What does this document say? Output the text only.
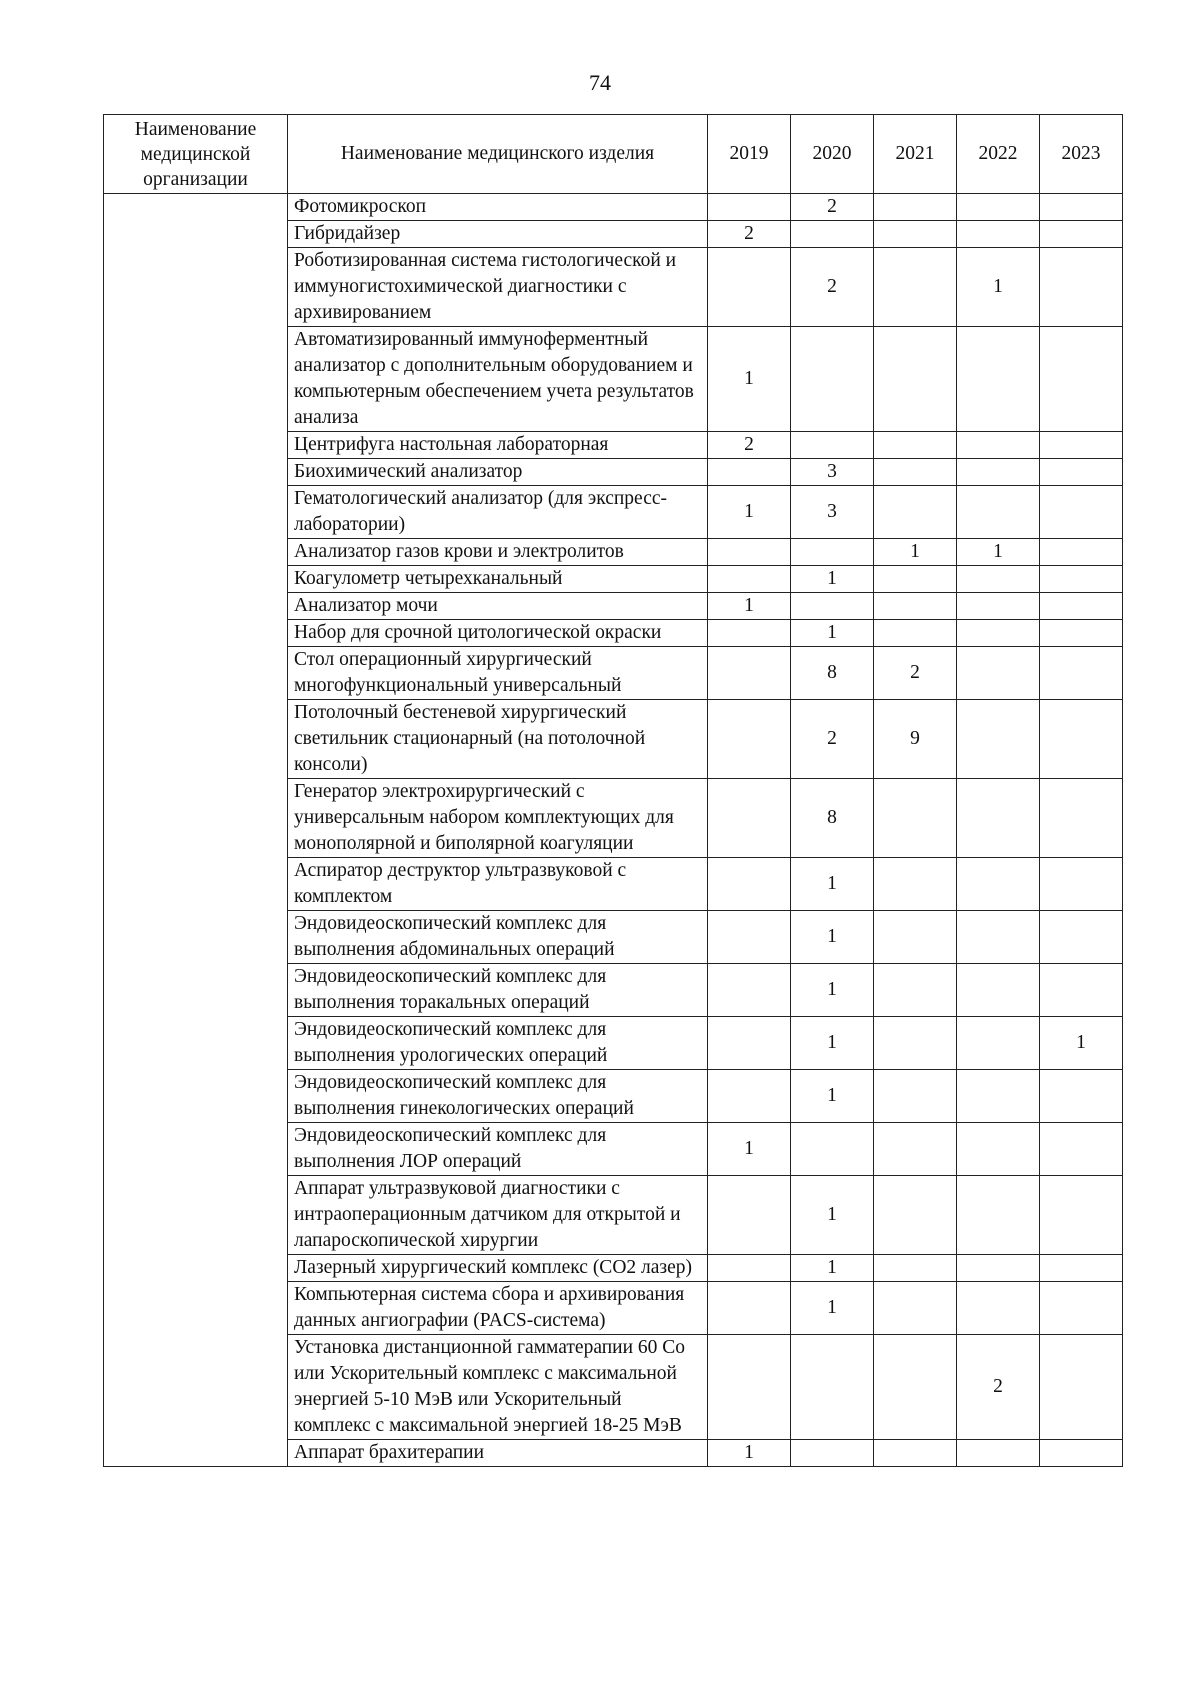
74
Наименование медицинской организации	Наименование медицинского изделия	2019	2020	2021	2022	2023
	Фотомикроскоп		2			
	Гибридайзер	2				
	Роботизированная система гистологической и иммуногистохимической диагностики с архивированием		2		1	
	Автоматизированный иммуноферментный анализатор с дополнительным оборудованием и компьютерным обеспечением учета результатов анализа	1				
	Центрифуга настольная лабораторная	2				
	Биохимический анализатор		3			
	Гематологический анализатор (для экспресс-лаборатории)	1	3			
	Анализатор газов крови и электролитов			1	1	
	Коагулометр четырехканальный		1			
	Анализатор мочи	1				
	Набор для срочной цитологической окраски		1			
	Стол операционный хирургический многофункциональный универсальный		8	2		
	Потолочный бестеневой хирургический светильник стационарный (на потолочной консоли)		2	9		
	Генератор электрохирургический с универсальным набором комплектующих для монополярной и биполярной коагуляции		8			
	Аспиратор деструктор ультразвуковой с комплектом		1			
	Эндовидеоскопический комплекс для выполнения абдоминальных операций		1			
	Эндовидеоскопический комплекс для выполнения торакальных операций		1			
	Эндовидеоскопический комплекс для выполнения урологических операций		1			1
	Эндовидеоскопический комплекс для выполнения гинекологических операций		1			
	Эндовидеоскопический комплекс для выполнения ЛОР операций	1				
	Аппарат ультразвуковой диагностики с интраоперационным датчиком для открытой и лапароскопической хирургии		1			
	Лазерный хирургический комплекс (СО2 лазер)		1			
	Компьютерная система сбора и архивирования данных ангиографии (PACS-система)		1			
	Установка дистанционной гамматерапии 60 Со или Ускорительный комплекс с максимальной энергией 5-10 МэВ или Ускорительный комплекс с максимальной энергией 18-25 МэВ				2	
	Аппарат брахитерапии	1				
